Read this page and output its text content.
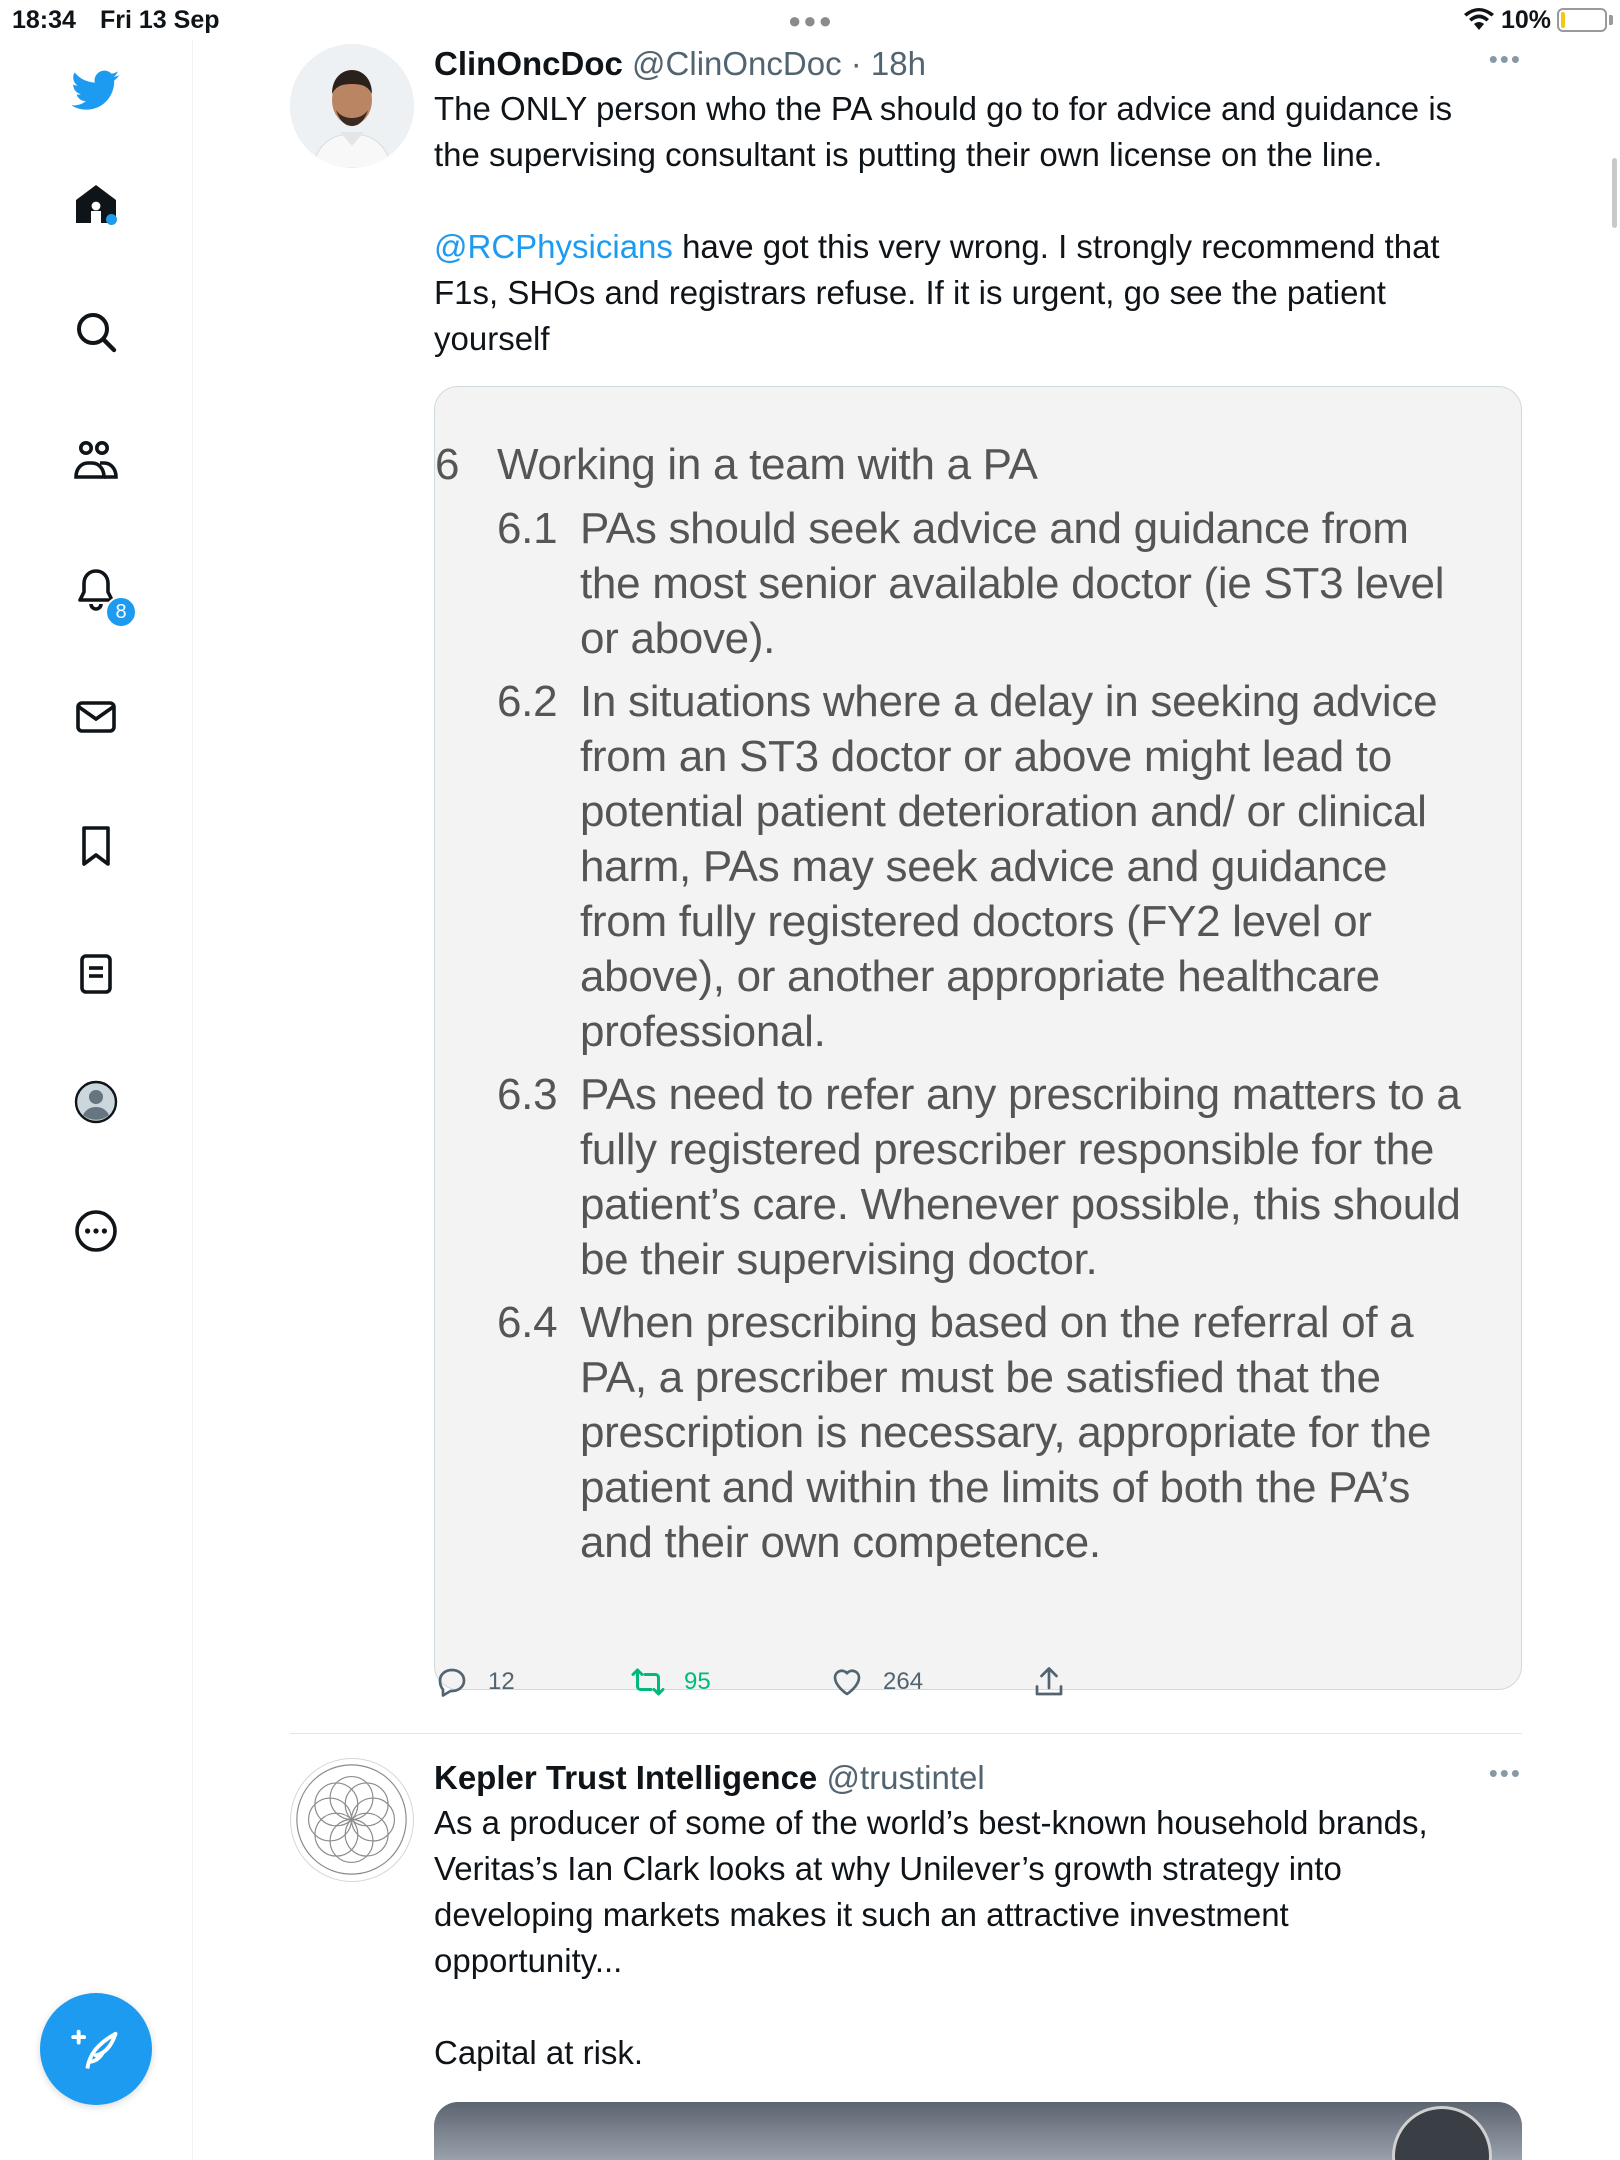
18:34 Fri 13 Sep	●●●	10%
8
ClinOncDoc @ClinOncDoc · 18h	•••
The ONLY person who the PA should go to for advice and guidance is
the supervising consultant is putting their own license on the line.

@RCPhysicians have got this very wrong. I strongly recommend that
F1s, SHOs and registrars refuse. If it is urgent, go see the patient
yourself
6 Working in a team with a PA
6.1 PAs should seek advice and guidance from the most senior available doctor (ie ST3 level or above).
6.2 In situations where a delay in seeking advice from an ST3 doctor or above might lead to potential patient deterioration and/ or clinical harm, PAs may seek advice and guidance from fully registered doctors (FY2 level or above), or another appropriate healthcare professional.
6.3 PAs need to refer any prescribing matters to a fully registered prescriber responsible for the patient’s care. Whenever possible, this should be their supervising doctor.
6.4 When prescribing based on the referral of a PA, a prescriber must be satisfied that the prescription is necessary, appropriate for the patient and within the limits of both the PA’s and their own competence.
12	95	264
Kepler Trust Intelligence @trustintel	•••
As a producer of some of the world’s best-known household brands,
Veritas’s Ian Clark looks at why Unilever’s growth strategy into
developing markets makes it such an attractive investment
opportunity...

Capital at risk.
